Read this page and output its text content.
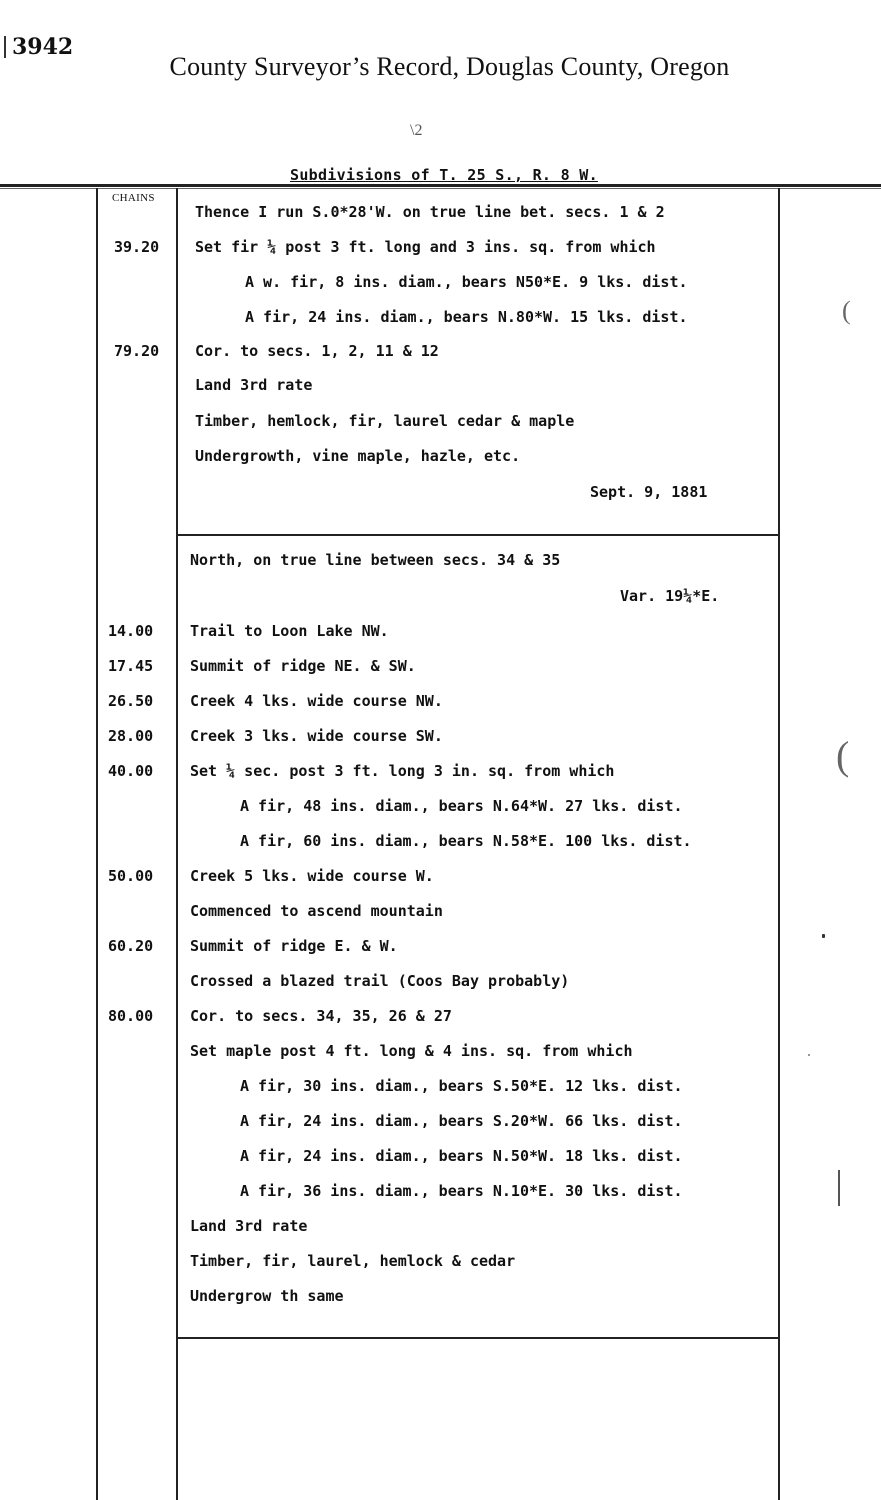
3942
County Surveyor’s Record, Douglas County, Oregon
\2
Subdivisions of T. 25 S., R. 8 W.
CHAINS
39.20
79.20
Thence I run S.0*28'W. on true line bet. secs. 1 & 2
Set fir ¼ post 3 ft. long and 3 ins. sq. from which
A w. fir, 8 ins. diam., bears N50*E. 9 lks. dist.
A fir, 24 ins. diam., bears N.80*W. 15 lks. dist.
Cor. to secs. 1, 2, 11 & 12
Land 3rd rate
Timber, hemlock, fir, laurel cedar & maple
Undergrowth, vine maple, hazle, etc.
Sept. 9, 1881
14.00
17.45
26.50
28.00
40.00
50.00
60.20
80.00
North, on true line between secs. 34 & 35
Var. 19¼*E.
Trail to Loon Lake NW.
Summit of ridge NE. & SW.
Creek 4 lks. wide course NW.
Creek 3 lks. wide course SW.
Set ¼ sec. post 3 ft. long 3 in. sq. from which
A fir, 48 ins. diam., bears N.64*W. 27 lks. dist.
A fir, 60 ins. diam., bears N.58*E. 100 lks. dist.
Creek 5 lks. wide course W.
Commenced to ascend mountain
Summit of ridge E. & W.
Crossed a blazed trail (Coos Bay probably)
Cor. to secs. 34, 35, 26 & 27
Set maple post 4 ft. long & 4 ins. sq. from which
A fir, 30 ins. diam., bears S.50*E. 12 lks. dist.
A fir, 24 ins. diam., bears S.20*W. 66 lks. dist.
A fir, 24 ins. diam., bears N.50*W. 18 lks. dist.
A fir, 36 ins. diam., bears N.10*E. 30 lks. dist.
Land 3rd rate
Timber, fir, laurel, hemlock & cedar
Undergrow th same
(
(
